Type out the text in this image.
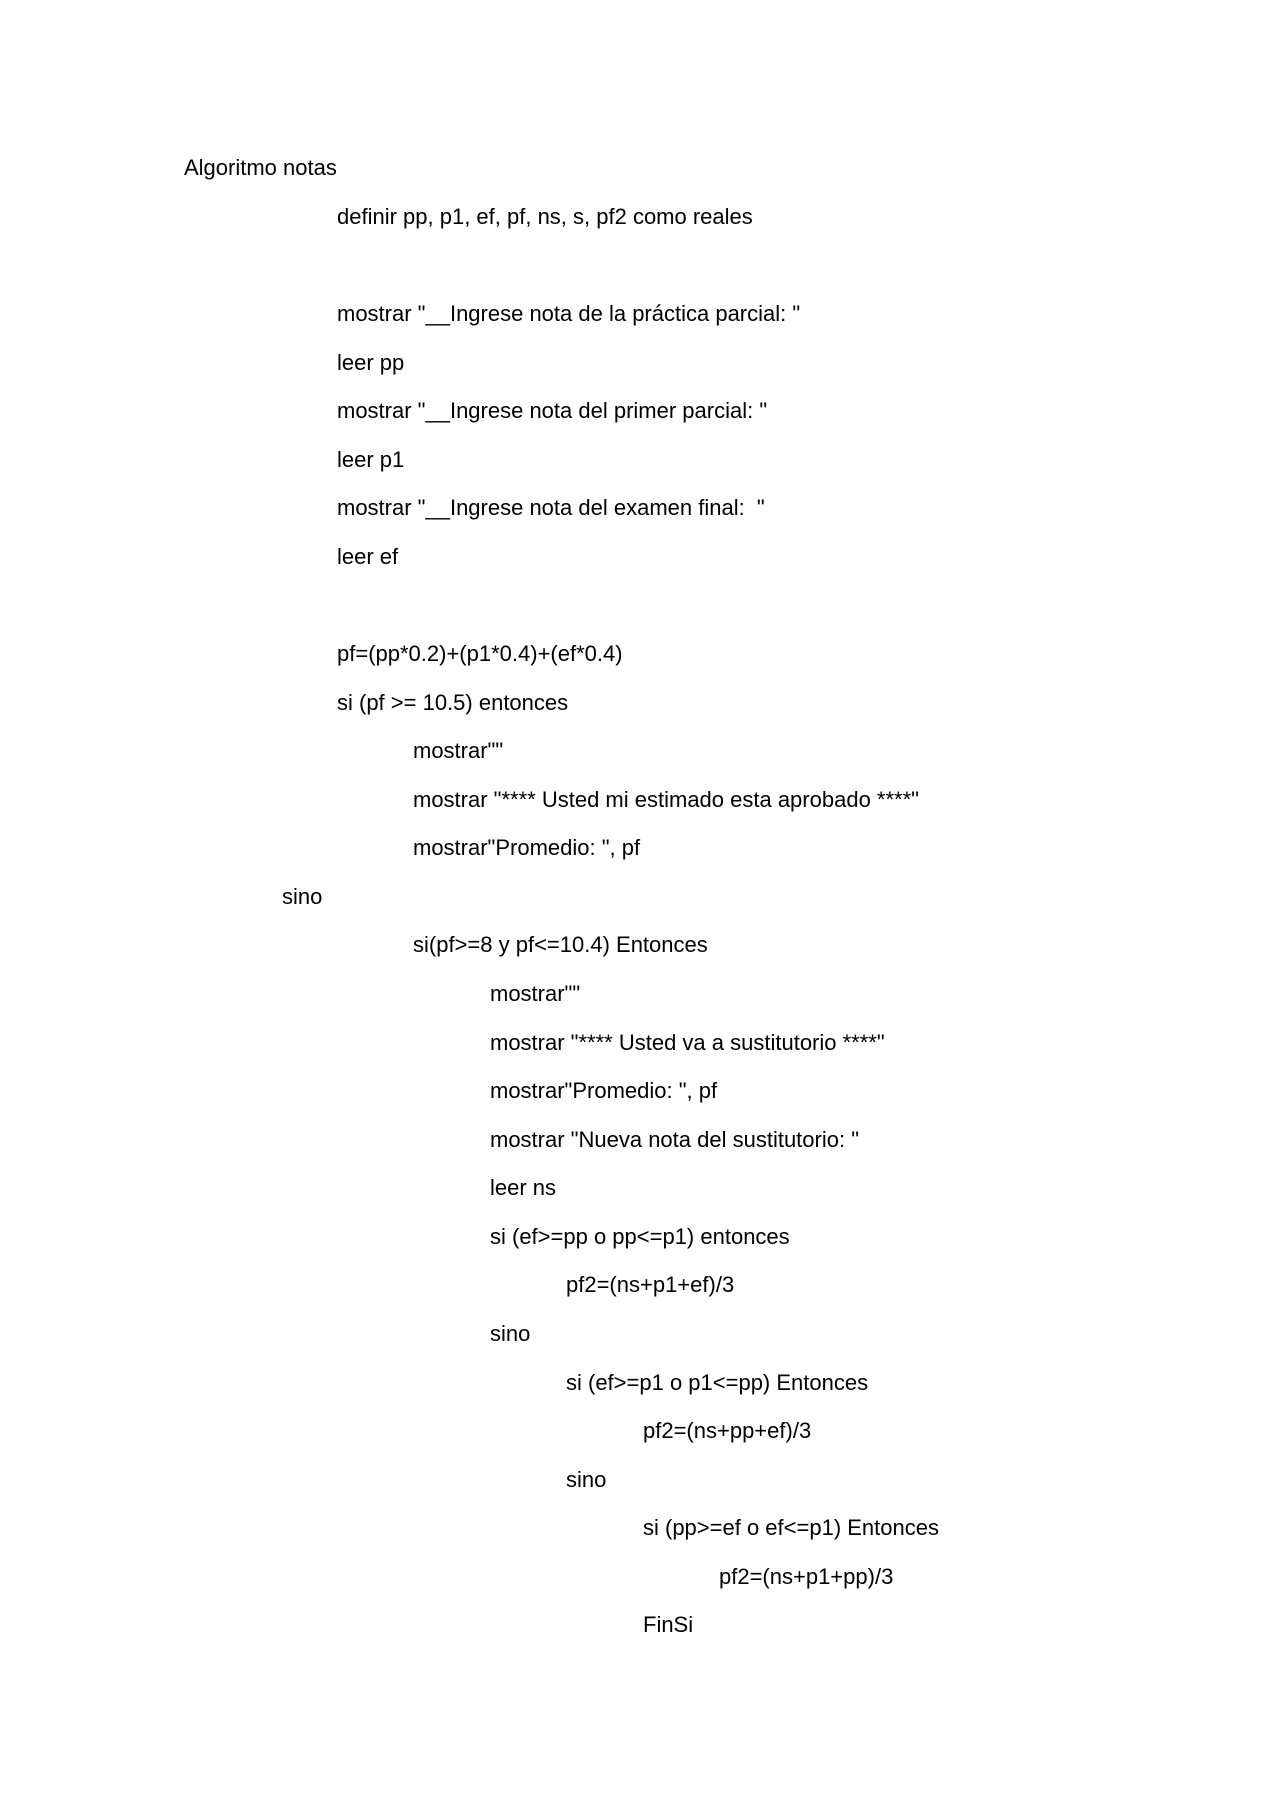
Algoritmo notas
definir pp, p1, ef, pf, ns, s, pf2 como reales
mostrar "__Ingrese nota de la práctica parcial: "
leer pp
mostrar "__Ingrese nota del primer parcial: "
leer p1
mostrar "__Ingrese nota del examen final:  "
leer ef
pf=(pp*0.2)+(p1*0.4)+(ef*0.4)
si (pf >= 10.5) entonces
mostrar""
mostrar "**** Usted mi estimado esta aprobado ****"
mostrar"Promedio: ", pf
sino
si(pf>=8 y pf<=10.4) Entonces
mostrar""
mostrar "**** Usted va a sustitutorio ****"
mostrar"Promedio: ", pf
mostrar "Nueva nota del sustitutorio: "
leer ns
si (ef>=pp o pp<=p1) entonces
pf2=(ns+p1+ef)/3
sino
si (ef>=p1 o p1<=pp) Entonces
pf2=(ns+pp+ef)/3
sino
si (pp>=ef o ef<=p1) Entonces
pf2=(ns+p1+pp)/3
FinSi
